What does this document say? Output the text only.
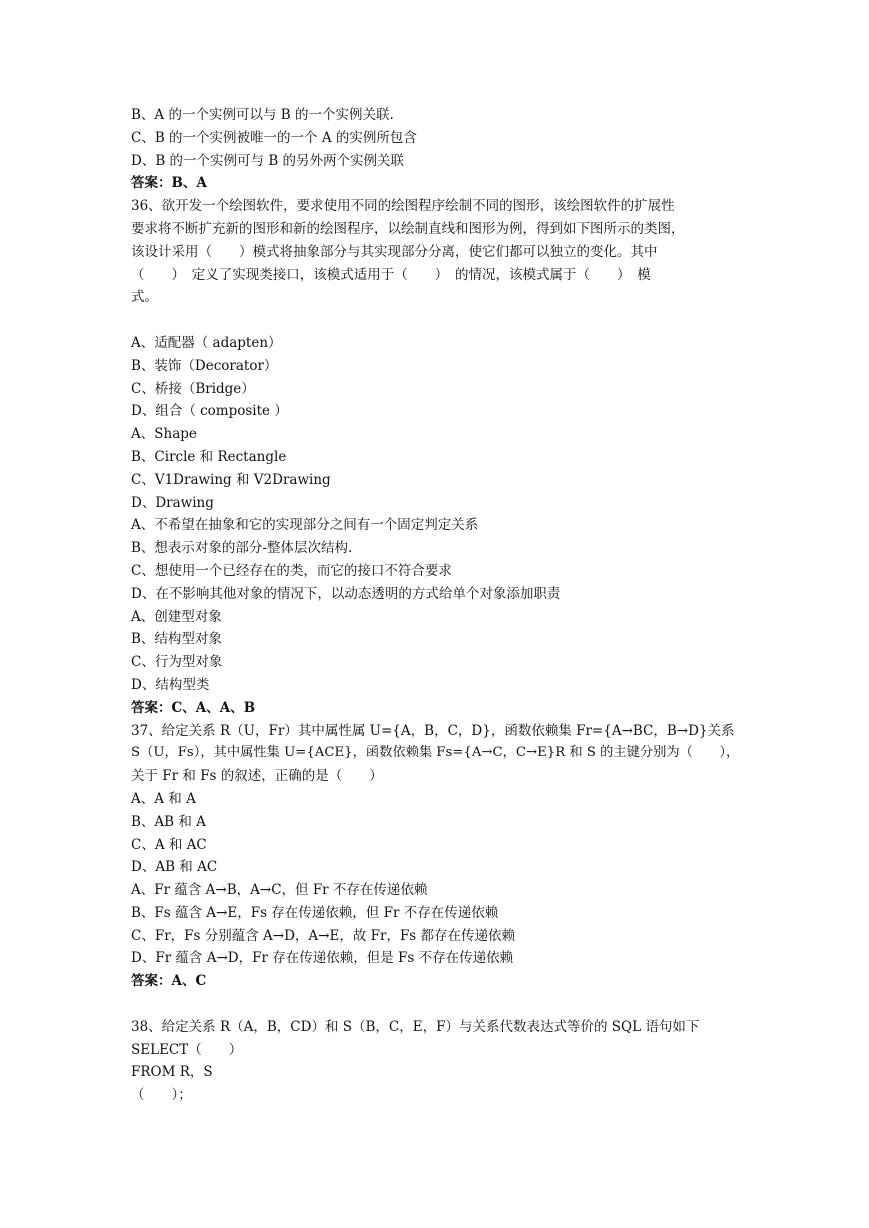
B、A 的一个实例可以与 B 的一个实例关联.
C、B 的一个实例被唯一的一个 A 的实例所包含
D、B 的一个实例可与 B 的另外两个实例关联
答案：B、A
36、欲开发一个绘图软件，要求使用不同的绘图程序绘制不同的图形，该绘图软件的扩展性
要求将不断扩充新的图形和新的绘图程序，以绘制直线和图形为例，得到如下图所示的类图，
该设计采用（　　）模式将抽象部分与其实现部分分离，使它们都可以独立的变化。其中
（　　）　定义了实现类接口，该模式适用于（　　）　的情况，该模式属于（　　）　模
式。
A、适配器（ adapten）
B、装饰（Decorator）
C、桥接（Bridge）
D、组合（ composite ）
A、Shape
B、Circle 和 Rectangle
C、V1Drawing 和 V2Drawing
D、Drawing
A、不希望在抽象和它的实现部分之间有一个固定判定关系
B、想表示对象的部分-整体层次结构.
C、想使用一个已经存在的类，而它的接口不符合要求
D、在不影响其他对象的情况下，以动态透明的方式给单个对象添加职责
A、创建型对象
B、结构型对象
C、行为型对象
D、结构型类
答案：C、A、A、B
37、给定关系 R（U，Fr）其中属性属 U={A，B，C，D}，函数依赖集 Fr={A→BC，B→D}关系
S（U，Fs），其中属性集 U={ACE}，函数依赖集 Fs={A→C，C→E}R 和 S 的主键分别为（　　），
关于 Fr 和 Fs 的叙述，正确的是（　　）
A、A 和 A
B、AB 和 A
C、A 和 AC
D、AB 和 AC
A、Fr 蕴含 A→B，A→C，但 Fr 不存在传递依赖
B、Fs 蕴含 A→E，Fs 存在传递依赖，但 Fr 不存在传递依赖
C、Fr，Fs 分别蕴含 A→D，A→E，故 Fr，Fs 都存在传递依赖
D、Fr 蕴含 A→D，Fr 存在传递依赖，但是 Fs 不存在传递依赖
答案：A、C
38、给定关系 R（A，B，CD）和 S（B，C，E，F）与关系代数表达式等价的 SQL 语句如下
SELECT（　　）
FROM R，S
（　　）；
